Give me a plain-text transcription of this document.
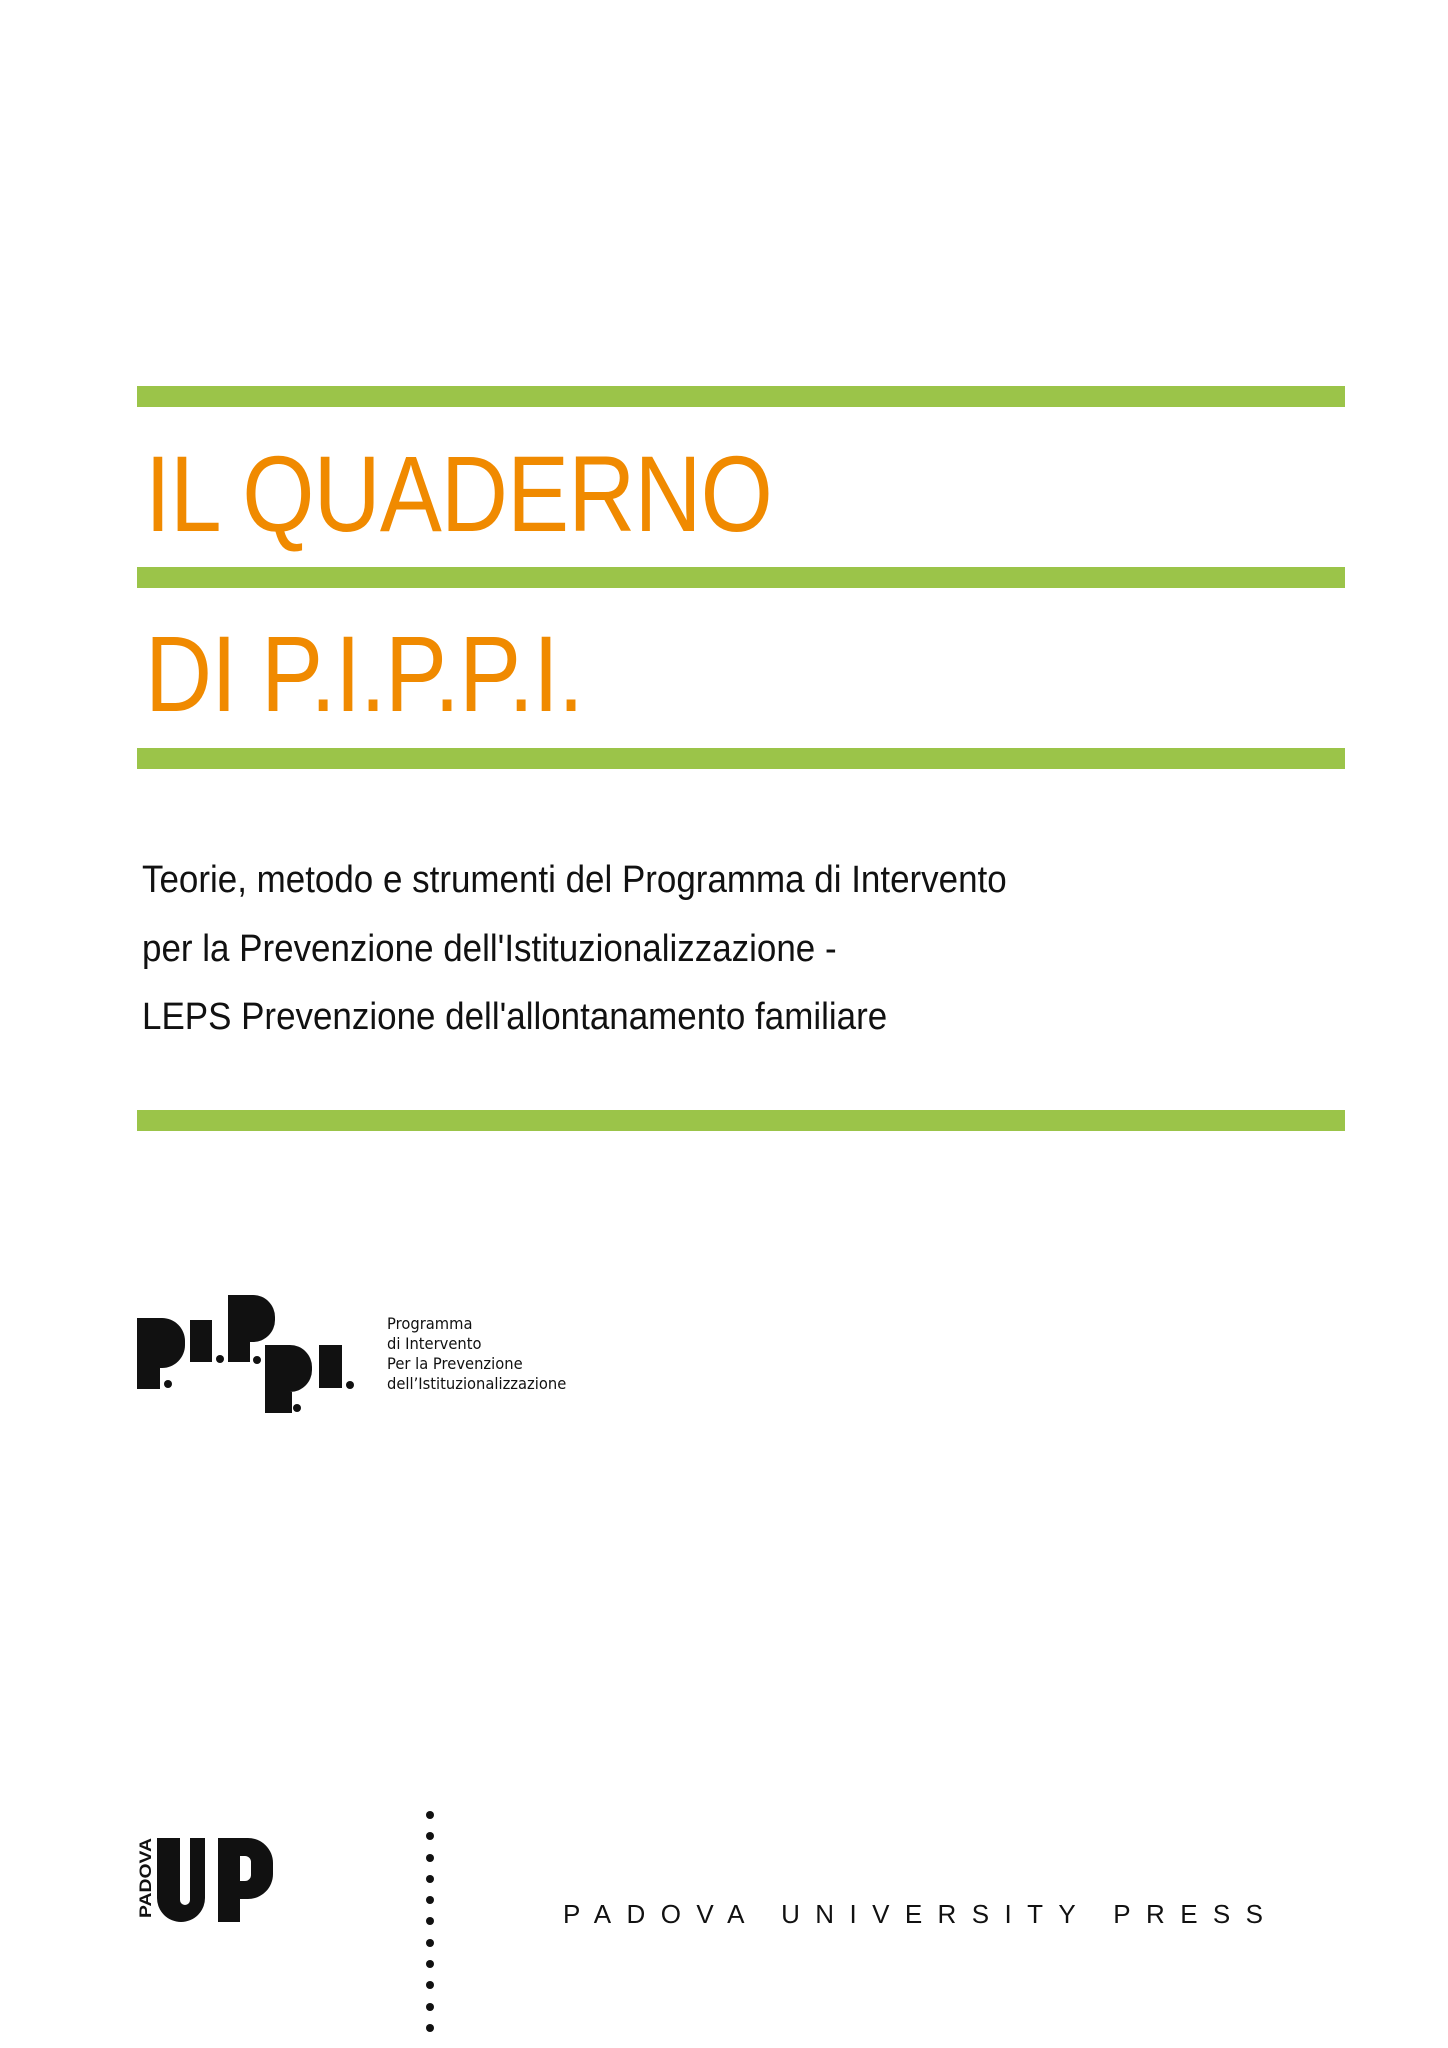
IL QUADERNO
DI P.I.P.P.I.
Teorie, metodo e strumenti del Programma di Intervento
per la Prevenzione dell'Istituzionalizzazione -
LEPS Prevenzione dell'allontanamento familiare
Programma
di Intervento
Per la Prevenzione
dell’Istituzionalizzazione
PADOVA	PADOVA UNIVERSITY PRESS
